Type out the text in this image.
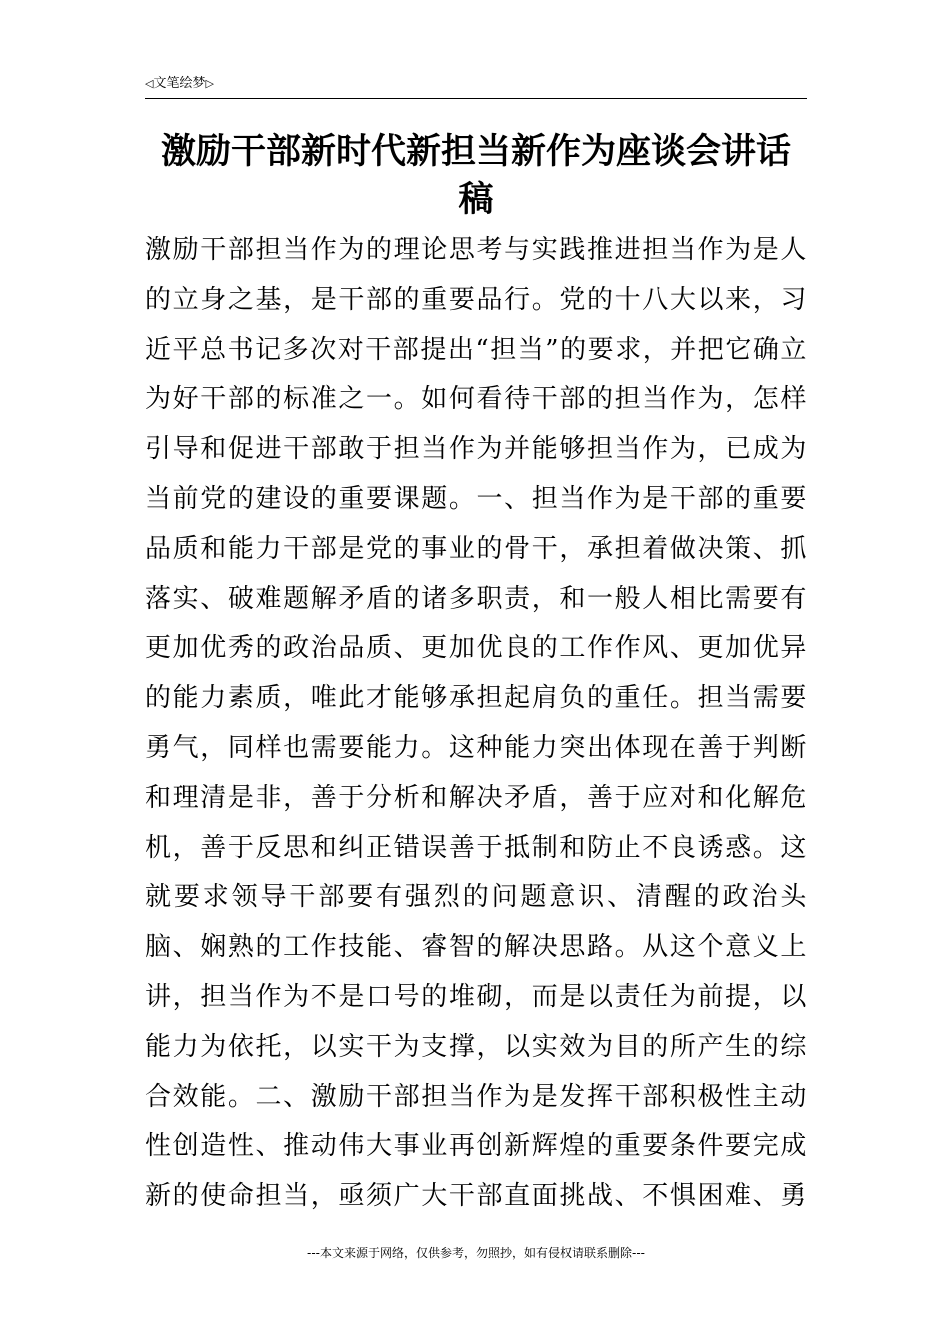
◁文笔绘梦▷
激励干部新时代新担当新作为座谈会讲话稿

激励干部担当作为的理论思考与实践推进担当作为是人的立身之基，是干部的重要品行。党的十八大以来，习近平总书记多次对干部提出“担当”的要求，并把它确立为好干部的标准之一。如何看待干部的担当作为，怎样引导和促进干部敢于担当作为并能够担当作为，已成为当前党的建设的重要课题。一、担当作为是干部的重要品质和能力干部是党的事业的骨干，承担着做决策、抓落实、破难题解矛盾的诸多职责，和一般人相比需要有更加优秀的政治品质、更加优良的工作作风、更加优异的能力素质，唯此才能够承担起肩负的重任。担当需要勇气，同样也需要能力。这种能力突出体现在善于判断和理清是非，善于分析和解决矛盾，善于应对和化解危机，善于反思和纠正错误善于抵制和防止不良诱惑。这就要求领导干部要有强烈的问题意识、清醒的政治头脑、娴熟的工作技能、睿智的解决思路。从这个意义上讲，担当作为不是口号的堆砌，而是以责任为前提，以能力为依托，以实干为支撑，以实效为目的所产生的综合效能。二、激励干部担当作为是发挥干部积极性主动性创造性、推动伟大事业再创新辉煌的重要条件要完成新的使命担当，亟须广大干部直面挑战、不惧困难、勇

---本文来源于网络，仅供参考，勿照抄，如有侵权请联系删除---
